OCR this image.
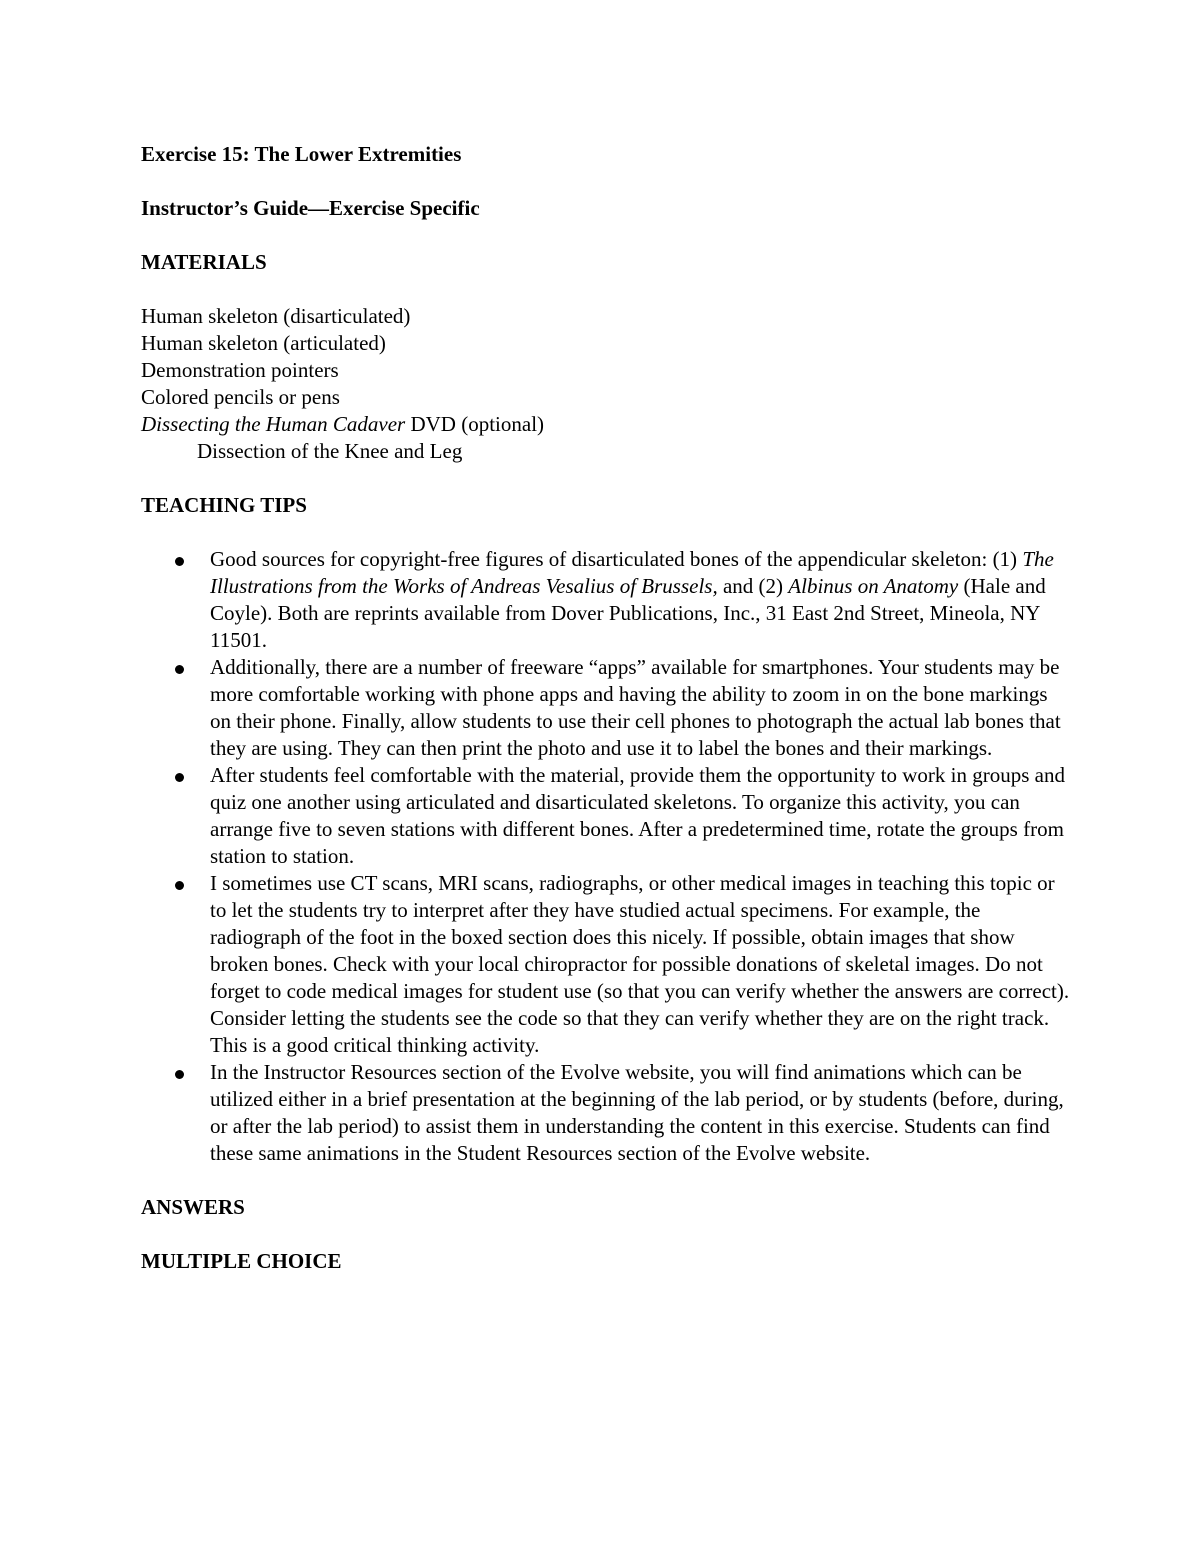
Exercise 15: The Lower Extremities
Instructor’s Guide—Exercise Specific
MATERIALS
Human skeleton (disarticulated)
Human skeleton (articulated)
Demonstration pointers
Colored pencils or pens
Dissecting the Human Cadaver DVD (optional)
Dissection of the Knee and Leg
TEACHING TIPS
Good sources for copyright-free figures of disarticulated bones of the appendicular skeleton: (1) The Illustrations from the Works of Andreas Vesalius of Brussels, and (2) Albinus on Anatomy (Hale and Coyle). Both are reprints available from Dover Publications, Inc., 31 East 2nd Street, Mineola, NY 11501.
Additionally, there are a number of freeware “apps” available for smartphones. Your students may be more comfortable working with phone apps and having the ability to zoom in on the bone markings on their phone. Finally, allow students to use their cell phones to photograph the actual lab bones that they are using. They can then print the photo and use it to label the bones and their markings.
After students feel comfortable with the material, provide them the opportunity to work in groups and quiz one another using articulated and disarticulated skeletons. To organize this activity, you can arrange five to seven stations with different bones. After a predetermined time, rotate the groups from station to station.
I sometimes use CT scans, MRI scans, radiographs, or other medical images in teaching this topic or to let the students try to interpret after they have studied actual specimens. For example, the radiograph of the foot in the boxed section does this nicely. If possible, obtain images that show broken bones. Check with your local chiropractor for possible donations of skeletal images. Do not forget to code medical images for student use (so that you can verify whether the answers are correct). Consider letting the students see the code so that they can verify whether they are on the right track. This is a good critical thinking activity.
In the Instructor Resources section of the Evolve website, you will find animations which can be utilized either in a brief presentation at the beginning of the lab period, or by students (before, during, or after the lab period) to assist them in understanding the content in this exercise. Students can find these same animations in the Student Resources section of the Evolve website.
ANSWERS
MULTIPLE CHOICE
